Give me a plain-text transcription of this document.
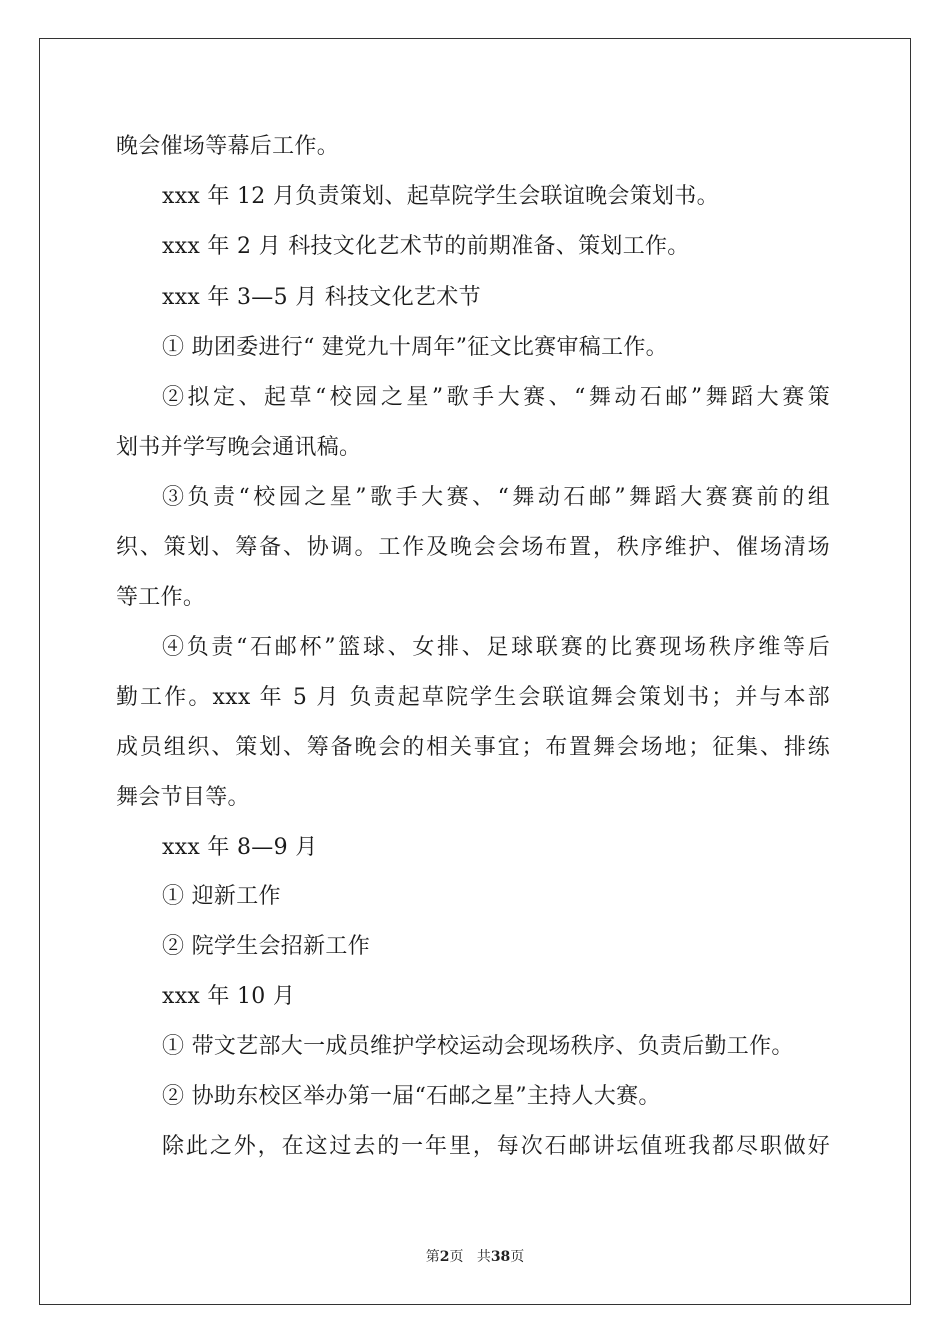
晚会催场等幕后工作。
xxx 年 12 月负责策划、起草院学生会联谊晚会策划书。
xxx 年 2 月 科技文化艺术节的前期准备、策划工作。
xxx 年 3—5 月 科技文化艺术节
① 助团委进行“ 建党九十周年”征文比赛审稿工作。
②拟定、起草“校园之星”歌手大赛、“舞动石邮”舞蹈大赛策
划书并学写晚会通讯稿。
③负责“校园之星”歌手大赛、“舞动石邮”舞蹈大赛赛前的组
织、策划、筹备、协调。工作及晚会会场布置，秩序维护、催场清场
等工作。
④负责“石邮杯”篮球、女排、足球联赛的比赛现场秩序维等后
勤工作。xxx 年 5 月 负责起草院学生会联谊舞会策划书；并与本部
成员组织、策划、筹备晚会的相关事宜；布置舞会场地；征集、排练
舞会节目等。
xxx 年 8—9 月
① 迎新工作
② 院学生会招新工作
xxx 年 10 月
① 带文艺部大一成员维护学校运动会现场秩序、负责后勤工作。
② 协助东校区举办第一届“石邮之星”主持人大赛。
除此之外，在这过去的一年里，每次石邮讲坛值班我都尽职做好
第2页 共38页
